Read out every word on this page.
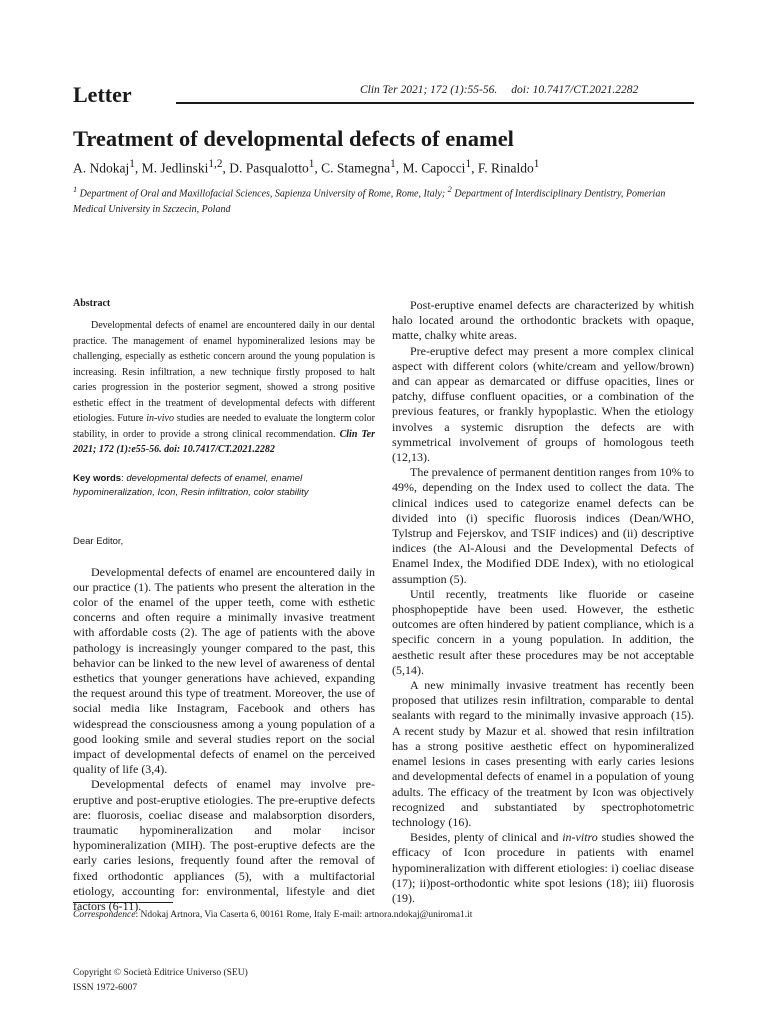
Letter	Clin Ter 2021; 172 (1):55-56. doi: 10.7417/CT.2021.2282
Treatment of developmental defects of enamel
A. Ndokaj$^1$, M. Jedlinski$^{1,2}$, D. Pasqualotto$^1$, C. Stamegna$^1$, M. Capocci$^1$, F. Rinaldo$^1$
$^1$ Department of Oral and Maxillofacial Sciences, Sapienza University of Rome, Rome, Italy; $^2$ Department of Interdisciplinary Dentistry, Pomerian Medical University in Szczecin, Poland

Abstract

Developmental defects of enamel are encountered daily in our dental practice. The management of enamel hypomineralized lesions may be challenging, especially as esthetic concern around the young population is increasing. Resin infiltration, a new technique firstly proposed to halt caries progression in the posterior segment, showed a strong positive esthetic effect in the treatment of developmental defects with different etiologies. Future in-vivo studies are needed to evaluate the longterm color stability, in order to provide a strong clinical recommendation. Clin Ter 2021; 172 (1):e55-56. doi: 10.7417/CT.2021.2282

Key words: developmental defects of enamel, enamel hypomineralization, Icon, Resin infiltration, color stability

Dear Editor,

Developmental defects of enamel are encountered daily in our practice (1). The patients who present the alteration in the color of the enamel of the upper teeth, come with esthetic concerns and often require a minimally invasive treatment with affordable costs (2). The age of patients with the above pathology is increasingly younger compared to the past, this behavior can be linked to the new level of awareness of dental esthetics that younger generations have achieved, expanding the request around this type of treatment. Moreover, the use of social media like Instagram, Facebook and others has widespread the consciousness among a young population of a good looking smile and several studies report on the social impact of developmental defects of enamel on the perceived quality of life (3,4).

Developmental defects of enamel may involve pre-eruptive and post-eruptive etiologies. The pre-eruptive defects are: fluorosis, coeliac disease and malabsorption disorders, traumatic hypomineralization and molar incisor hypomineralization (MIH). The post-eruptive defects are the early caries lesions, frequently found after the removal of fixed orthodontic appliances (5), with a multifactorial etiology, accounting for: environmental, lifestyle and diet factors (6-11).

Post-eruptive enamel defects are characterized by whitish halo located around the orthodontic brackets with opaque, matte, chalky white areas.

Pre-eruptive defect may present a more complex clinical aspect with different colors (white/cream and yellow/brown) and can appear as demarcated or diffuse opacities, lines or patchy, diffuse confluent opacities, or a combination of the previous features, or frankly hypoplastic. When the etiology involves a systemic disruption the defects are with symmetrical involvement of groups of homologous teeth (12,13).

The prevalence of permanent dentition ranges from 10% to 49%, depending on the Index used to collect the data. The clinical indices used to categorize enamel defects can be divided into (i) specific fluorosis indices (Dean/WHO, Tylstrup and Fejerskov, and TSIF indices) and (ii) descriptive indices (the Al-Alousi and the Developmental Defects of Enamel Index, the Modified DDE Index), with no etiological assumption (5).

Until recently, treatments like fluoride or caseine phosphopeptide have been used. However, the esthetic outcomes are often hindered by patient compliance, which is a specific concern in a young population. In addition, the aesthetic result after these procedures may be not acceptable (5,14).

A new minimally invasive treatment has recently been proposed that utilizes resin infiltration, comparable to dental sealants with regard to the minimally invasive approach (15). A recent study by Mazur et al. showed that resin infiltration has a strong positive aesthetic effect on hypomineralized enamel lesions in cases presenting with early caries lesions and developmental defects of enamel in a population of young adults. The efficacy of the treatment by Icon was objectively recognized and substantiated by spectrophotometric technology (16).

Besides, plenty of clinical and in-vitro studies showed the efficacy of Icon procedure in patients with enamel hypomineralization with different etiologies: i) coeliac disease (17); ii)post-orthodontic white spot lesions (18); iii) fluorosis (19).

Correspondence: Ndokaj Artnora, Via Caserta 6, 00161 Rome, Italy E-mail: artnora.ndokaj@uniroma1.it
Copyright © Società Editrice Universo (SEU)
ISSN 1972-6007
